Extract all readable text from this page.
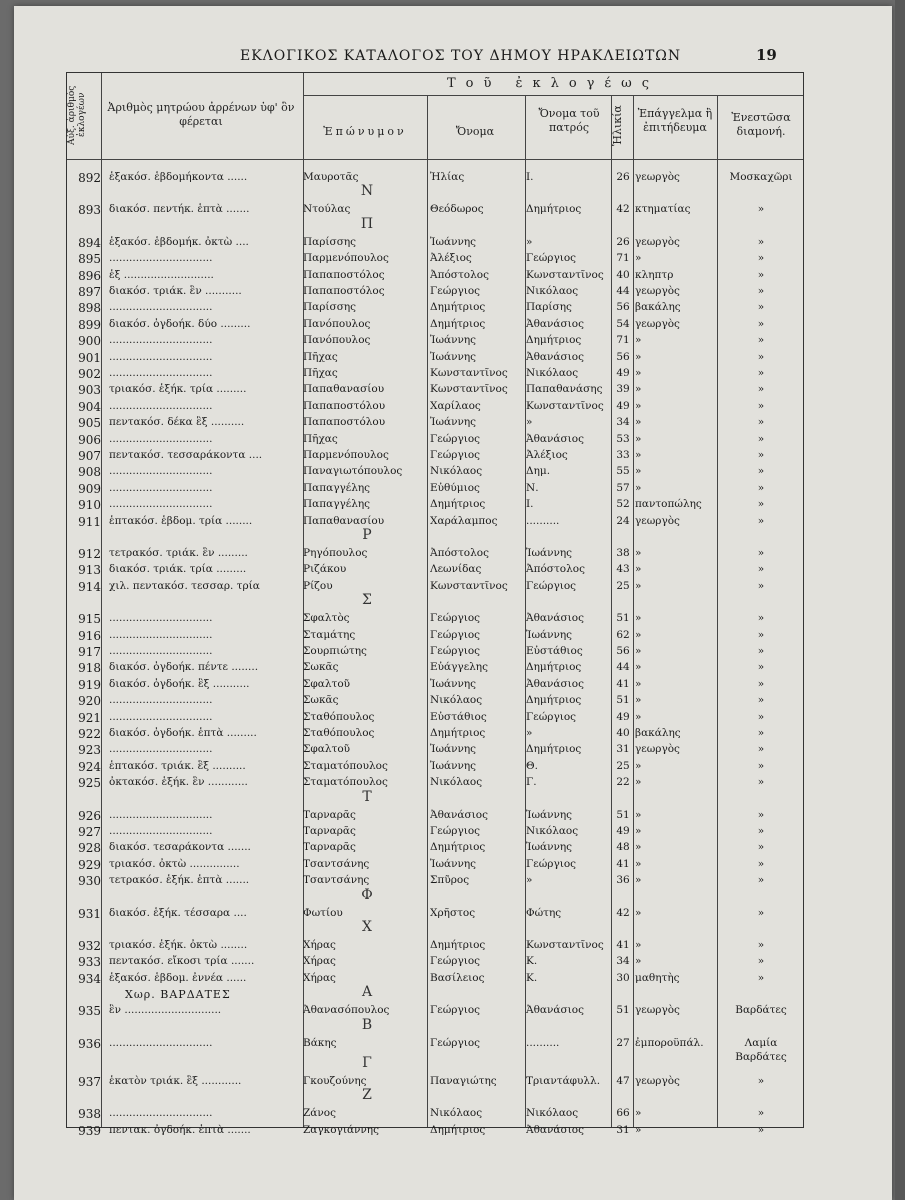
ΕΚΛΟΓΙΚΟΣ ΚΑΤΑΛΟΓΟΣ ΤΟΥ ΔΗΜΟΥ ΗΡΑΚΛΕΙΩΤΩΝ	19
Αὐξ. ἀριθμὸς ἐκλογέων	Ἀριθμὸς μητρώου ἀρρένων ὑφ' ὃν φέρεται
Τοῦ ἐκλογέως
Ἐπώνυμον	Ὄνομα
Ὄνομα τοῦ πατρός	Ἡλικία	Ἐπάγγελμα ἢ ἐπιτήδευμα
Ἐνεστῶσα διαμονή.
892 ἑξακόσ. ἑβδομήκοντα ......	Μαυροτᾶς	Ἠλίας	Ι.	26 γεωργὸς	Μοσκαχῶρι
Ν
893 διακόσ. πεντήκ. ἑπτὰ .......	Ντούλας	Θεόδωρος	Δημήτριος	42 κτηματίας	»
Π
894 ἑξακόσ. ἑβδομήκ. ὀκτὼ ....	Παρίσσης	Ἰωάννης	»	26 γεωργὸς	»
895 ...............................	Παρμενόπουλος	Ἀλέξιος	Γεώργιος	71 »	»
896 ἑξ ...........................	Παπαποστόλος	Ἀπόστολος	Κωνσταντῖνος	40 κληπτρ	»
897 διακόσ. τριάκ. ἓν ...........	Παπαποστόλος	Γεώργιος	Νικόλαος	44 γεωργὸς	»
898 ...............................	Παρίσσης	Δημήτριος	Παρίσης	56 βακάλης	»
899 διακόσ. ὀγδοήκ. δύο .........	Πανόπουλος	Δημήτριος	Ἀθανάσιος	54 γεωργὸς	»
900 ...............................	Πανόπουλος	Ἰωάννης	Δημήτριος	71 »	»
901 ...............................	Πῆχας	Ἰωάννης	Ἀθανάσιος	56 »	»
902 ...............................	Πῆχας	Κωνσταντῖνος	Νικόλαος	49 »	»
903 τριακόσ. ἑξήκ. τρία .........	Παπαθανασίου	Κωνσταντῖνος	Παπαθανάσης	39 »	»
904 ...............................	Παπαποστόλου	Χαρίλαος	Κωνσταντῖνος	49 »	»
905 πεντακόσ. δέκα ἓξ ..........	Παπαποστόλου	Ἰωάννης	»	34 »	»
906 ...............................	Πῆχας	Γεώργιος	Ἀθανάσιος	53 »	»
907 πεντακόσ. τεσσαράκοντα ....	Παρμενόπουλος	Γεώργιος	Ἀλέξιος	33 »	»
908 ...............................	Παναγιωτόπουλος	Νικόλαος	Δημ.	55 »	»
909 ...............................	Παπαγγέλης	Εὐθύμιος	Ν.	57 »	»
910 ...............................	Παπαγγέλης	Δημήτριος	Ι.	52 παντοπώλης	»
911 ἑπτακόσ. ἑβδομ. τρία ........	Παπαθανασίου	Χαράλαμπος	..........	24 γεωργὸς	»
Ρ
912 τετρακόσ. τριάκ. ἓν .........	Ρηγόπουλος	Ἀπόστολος	Ἰωάννης	38 »	»
913 διακόσ. τριάκ. τρία .........	Ριζάκου	Λεωνίδας	Ἀπόστολος	43 »	»
914 χιλ. πεντακόσ. τεσσαρ. τρία	Ρίζου	Κωνσταντῖνος	Γεώργιος	25 »	»
Σ
915 ...............................	Σφαλτὸς	Γεώργιος	Ἀθανάσιος	51 »	»
916 ...............................	Σταμάτης	Γεώργιος	Ἰωάννης	62 »	»
917 ...............................	Σουρπιώτης	Γεώργιος	Εὐστάθιος	56 »	»
918 διακόσ. ὀγδοήκ. πέντε ........	Σωκᾶς	Εὐάγγελης	Δημήτριος	44 »	»
919 διακόσ. ὀγδοήκ. ἓξ ...........	Σφαλτοῦ	Ἰωάννης	Ἀθανάσιος	41 »	»
920 ...............................	Σωκᾶς	Νικόλαος	Δημήτριος	51 »	»
921 ...............................	Σταθόπουλος	Εὐστάθιος	Γεώργιος	49 »	»
922 διακόσ. ὀγδοήκ. ἑπτὰ .........	Σταθόπουλος	Δημήτριος	»	40 βακάλης	»
923 ...............................	Σφαλτοῦ	Ἰωάννης	Δημήτριος	31 γεωργὸς	»
924 ἑπτακόσ. τριάκ. ἓξ ..........	Σταματόπουλος	Ἰωάννης	Θ.	25 »	»
925 ὀκτακόσ. ἑξήκ. ἓν ............	Σταματόπουλος	Νικόλαος	Γ.	22 »	»
Τ
926 ...............................	Ταρναρᾶς	Ἀθανάσιος	Ἰωάννης	51 »	»
927 ...............................	Ταρναρᾶς	Γεώργιος	Νικόλαος	49 »	»
928 διακόσ. τεσαράκοντα .......	Ταρναρᾶς	Δημήτριος	Ἰωάννης	48 »	»
929 τριακόσ. ὀκτὼ ...............	Τσαντσάνης	Ἰωάννης	Γεώργιος	41 »	»
930 τετρακόσ. ἑξήκ. ἑπτὰ .......	Τσαντσάνης	Σπῦρος	»	36 »	»
Φ
931 διακόσ. ἑξήκ. τέσσαρα ....	Φωτίου	Χρῆστος	Φώτης	42 »	»
Χ
932 τριακόσ. ἑξήκ. ὀκτὼ ........	Χήρας	Δημήτριος	Κωνσταντῖνος	41 »	»
933 πεντακόσ. εἴκοσι τρία .......	Χήρας	Γεώργιος	Κ.	34 »	»
934 ἑξακόσ. ἑβδομ. ἐννέα ......	Χήρας	Βασίλειος	Κ.	30 μαθητὴς	»
Χωρ. ΒΑΡΔΑΤΕΣ	Α
935 ἓν .............................	Ἀθανασόπουλος	Γεώργιος	Ἀθανάσιος	51 γεωργὸς	Βαρδάτες
Β
936 ...............................	Βάκης	Γεώργιος	..........	27 ἐμποροϋπάλ.	Λαμία
Βαρδάτες
Γ
937 ἑκατὸν τριάκ. ἓξ ............	Γκουζούνης	Παναγιώτης	Τριαντάφυλλ.	47 γεωργὸς	»
Ζ
938 ...............................	Ζάνος	Νικόλαος	Νικόλαος	66 »	»
939 πεντακ. ὀγδοήκ. ἑπτὰ .......	Ζαγκογιάννης	Δημήτριος	Ἀθανάσιος	31 »	»
